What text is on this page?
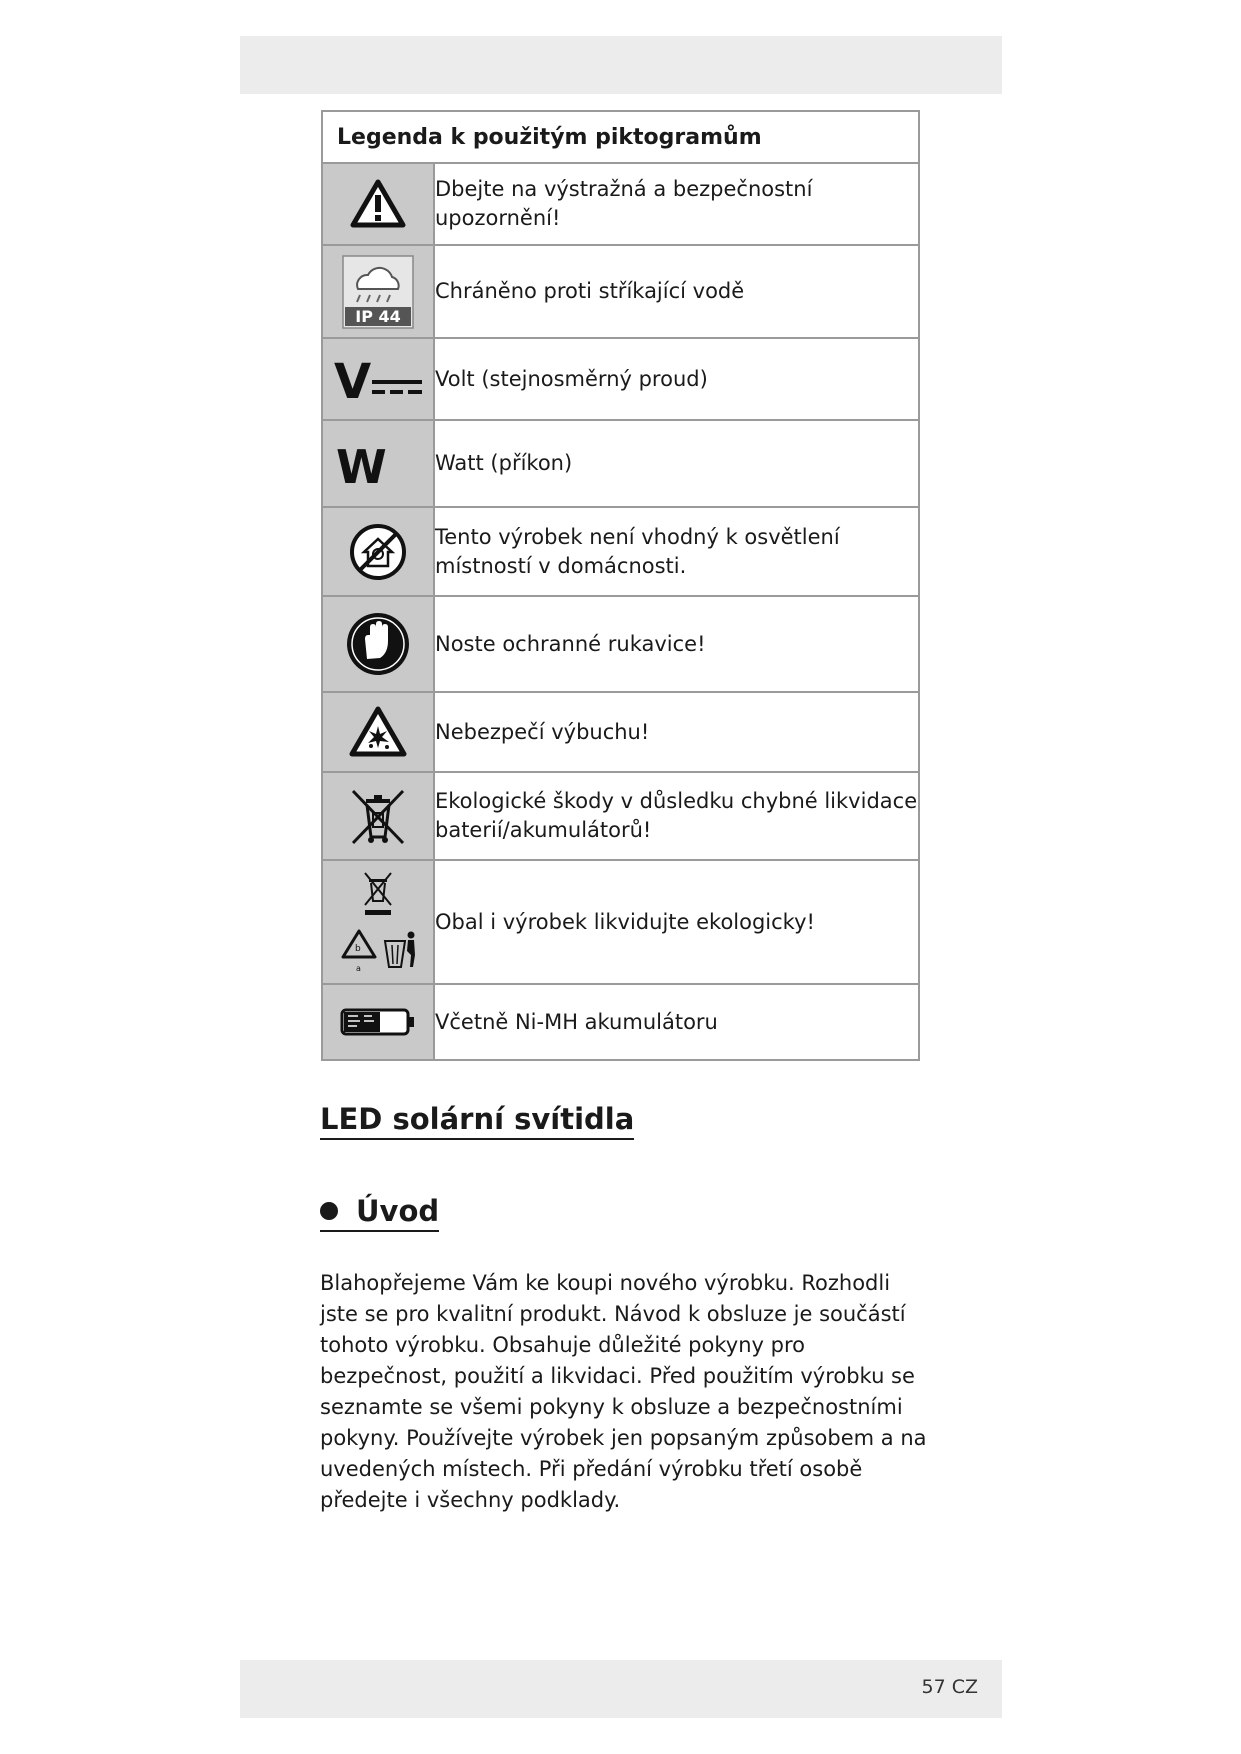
Legenda k použitým piktogramům	

	Dbejte na výstražná a bezpečnostní upozornění!

IP 44	Chráněno proti stříkající vodě

V	Volt (stejnosměrný proud)

W	Watt (příkon)

	Tento výrobek není vhodný k osvětlení místností v domácnosti.

	Noste ochranné rukavice!

	Nebezpečí výbuchu!

	Ekologické škody v důsledku chybné likvidace baterií/akumulátorů!

b
a	Obal i výrobek likvidujte ekologicky!

	Včetně Ni-MH akumulátoru
LED solární svítidla
Úvod

Blahopřejeme Vám ke koupi nového výrobku. Rozhodli jste se pro kvalitní produkt. Návod k obsluze je součástí tohoto výrobku. Obsahuje důležité pokyny pro bezpečnost, použití a likvidaci. Před použitím výrobku se seznamte se všemi pokyny k obsluze a bezpečnostními pokyny. Používejte výrobek jen popsaným způsobem a na uvedených místech. Při předání výrobku třetí osobě předejte i všechny podklady.

57 CZ
